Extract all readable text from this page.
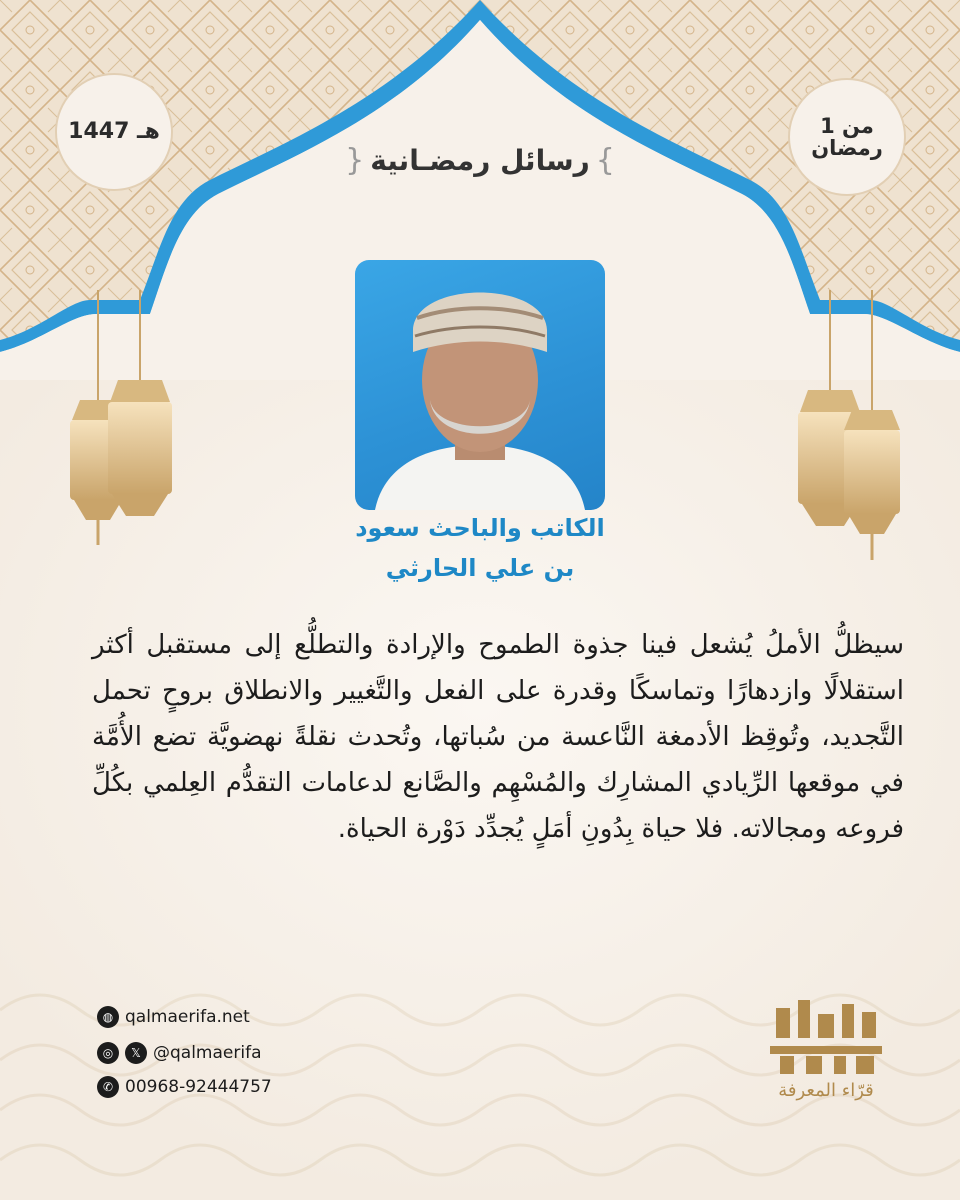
1447 هـ	1 من
رمضان
}
رسائل رمضـانية
{
الكاتب والباحث سعود
بن علي الحارثي
سيظلُّ الأملُ يُشعل فينا جذوة الطموح والإرادة والتطلُّع إلى مستقبل أكثر استقلالًا وازدهارًا وتماسكًا وقدرة على الفعل والتَّغيير والانطلاق بروحٍ تحمل التَّجديد، وتُوقِظ الأدمغة النَّاعسة من سُباتها، وتُحدث نقلةً نهضويَّة تضع الأُمَّة في موقعها الرِّيادي المشارِك والمُسْهِم والصَّانع لدعامات التقدُّم العِلمي بكُلِّ فروعه ومجالاته. فلا حياة بِدُونِ أمَلٍ يُجدِّد دَوْرة الحياة.
◍ qalmaerifa.net
◎	𝕏 @qalmaerifa
✆ 00968-92444757	قرّاء المعرفة
